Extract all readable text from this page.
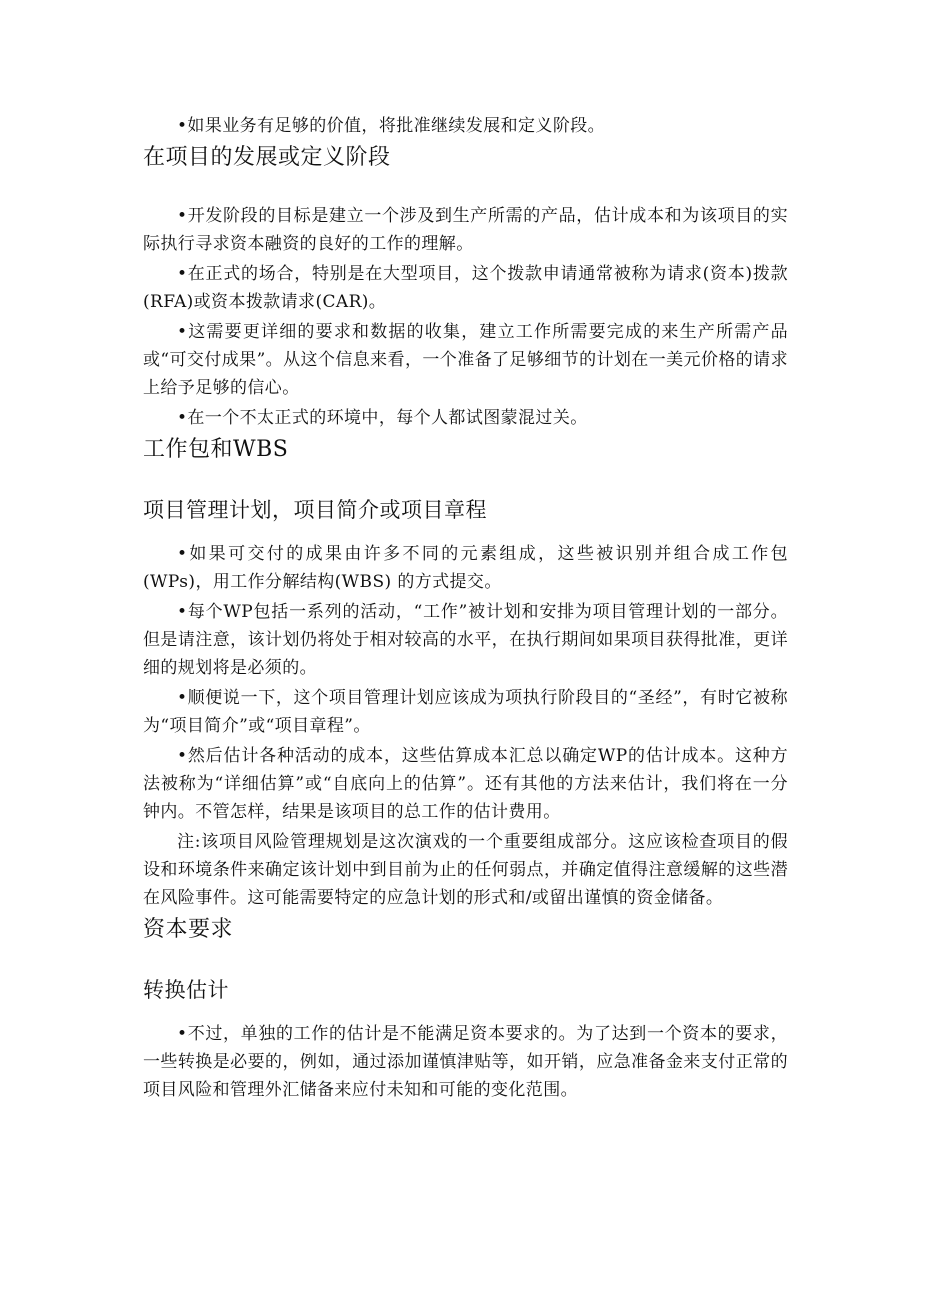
•如果业务有足够的价值，将批准继续发展和定义阶段。

在项目的发展或定义阶段

•开发阶段的目标是建立一个涉及到生产所需的产品，估计成本和为该项目的实际执行寻求资本融资的良好的工作的理解。

•在正式的场合，特别是在大型项目，这个拨款申请通常被称为请求(资本)拨款(RFA)或资本拨款请求(CAR)。

•这需要更详细的要求和数据的收集，建立工作所需要完成的来生产所需产品或“可交付成果”。从这个信息来看，一个准备了足够细节的计划在一美元价格的请求上给予足够的信心。

•在一个不太正式的环境中，每个人都试图蒙混过关。

工作包和WBS
项目管理计划，项目简介或项目章程

•如果可交付的成果由许多不同的元素组成，这些被识别并组合成工作包(WPs)，用工作分解结构(WBS) 的方式提交。

•每个WP包括一系列的活动，“工作”被计划和安排为项目管理计划的一部分。但是请注意，该计划仍将处于相对较高的水平，在执行期间如果项目获得批准，更详细的规划将是必须的。

•顺便说一下，这个项目管理计划应该成为项执行阶段目的“圣经”，有时它被称为“项目简介”或“项目章程”。

•然后估计各种活动的成本，这些估算成本汇总以确定WP的估计成本。这种方法被称为“详细估算”或“自底向上的估算”。还有其他的方法来估计，我们将在一分钟内。不管怎样，结果是该项目的总工作的估计费用。

注:该项目风险管理规划是这次演戏的一个重要组成部分。这应该检查项目的假设和环境条件来确定该计划中到目前为止的任何弱点，并确定值得注意缓解的这些潜在风险事件。这可能需要特定的应急计划的形式和/或留出谨慎的资金储备。

资本要求
转换估计

•不过，单独的工作的估计是不能满足资本要求的。为了达到一个资本的要求，一些转换是必要的，例如，通过添加谨慎津贴等，如开销，应急准备金来支付正常的项目风险和管理外汇储备来应付未知和可能的变化范围。
